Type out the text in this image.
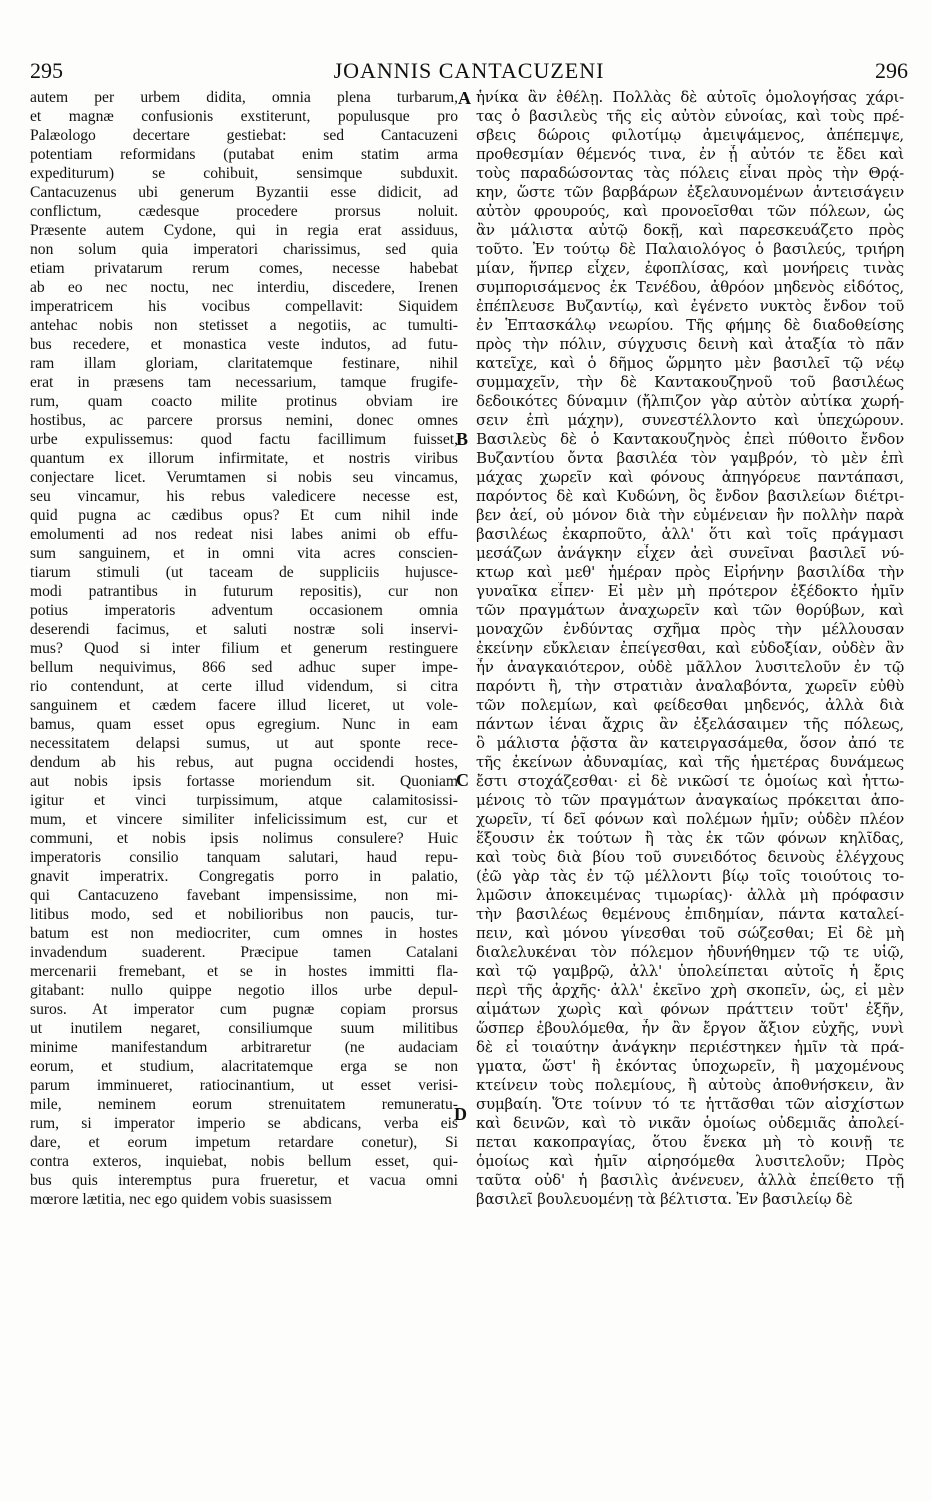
295	JOANNIS CANTACUZENI	296
autem per urbem didita, omnia plena turbarum,
et magnæ confusionis exstiterunt, populusque pro
Palæologo decertare gestiebat: sed Cantacuzeni
potentiam reformidans (putabat enim statim arma
expediturum) se cohibuit, sensimque subduxit.
Cantacuzenus ubi generum Byzantii esse didicit, ad
conflictum, cædesque procedere prorsus noluit.
Præsente autem Cydone, qui in regia erat assiduus,
non solum quia imperatori charissimus, sed quia
etiam privatarum rerum comes, necesse habebat
ab eo nec noctu, nec interdiu, discedere, Irenen
imperatricem his vocibus compellavit: Siquidem
antehac nobis non stetisset a negotiis, ac tumulti-
bus recedere, et monastica veste indutos, ad futu-
ram illam gloriam, claritatemque festinare, nihil
erat in præsens tam necessarium, tamque frugife-
rum, quam coacto milite protinus obviam ire
hostibus, ac parcere prorsus nemini, donec omnes
urbe expulissemus: quod factu facillimum fuisset,
quantum ex illorum infirmitate, et nostris viribus
conjectare licet. Verumtamen si nobis seu vincamus,
seu vincamur, his rebus valedicere necesse est,
quid pugna ac cædibus opus? Et cum nihil inde
emolumenti ad nos redeat nisi labes animi ob effu-
sum sanguinem, et in omni vita acres conscien-
tiarum stimuli (ut taceam de suppliciis hujusce-
modi patrantibus in futurum repositis), cur non
potius imperatoris adventum occasionem omnia
deserendi facimus, et saluti nostræ soli inservi-
mus? Quod si inter filium et generum restinguere
bellum nequivimus, 866 sed adhuc super impe-
rio contendunt, at certe illud videndum, si citra
sanguinem et cædem facere illud liceret, ut vole-
bamus, quam esset opus egregium. Nunc in eam
necessitatem delapsi sumus, ut aut sponte rece-
dendum ab his rebus, aut pugna occidendi hostes,
aut nobis ipsis fortasse moriendum sit. Quoniam
igitur et vinci turpissimum, atque calamitosissi-
mum, et vincere similiter infelicissimum est, cur et
communi, et nobis ipsis nolimus consulere? Huic
imperatoris consilio tanquam salutari, haud repu-
gnavit imperatrix. Congregatis porro in palatio,
qui Cantacuzeno favebant impensissime, non mi-
litibus modo, sed et nobilioribus non paucis, tur-
batum est non mediocriter, cum omnes in hostes
invadendum suaderent. Præcipue tamen Catalani
mercenarii fremebant, et se in hostes immitti fla-
gitabant: nullo quippe negotio illos urbe depul-
suros. At imperator cum pugnæ copiam prorsus
ut inutilem negaret, consiliumque suum militibus
minime manifestandum arbitraretur (ne audaciam
eorum, et studium, alacritatemque erga se non
parum imminueret, ratiocinantium, ut esset verisi-
mile, neminem eorum strenuitatem remuneratu-
rum, si imperator imperio se abdicans, verba eis
dare, et eorum impetum retardare conetur), Si
contra exteros, inquiebat, nobis bellum esset, qui-
bus quis interemptus pura frueretur, et vacua omni
mœrore lætitia, nec ego quidem vobis suasissem
ἡνίκα ἂν ἐθέλῃ. Πολλὰς δὲ αὐτοῖς ὁμολογήσας χάρι-
τας ὁ βασιλεὺς τῆς εἰς αὐτὸν εὐνοίας, καὶ τοὺς πρέ-
σβεις δώροις φιλοτίμῳ ἀμειψάμενος, ἀπέπεμψε,
προθεσμίαν θέμενός τινα, ἐν ᾗ αὐτόν τε ἔδει καὶ
τοὺς παραδώσοντας τὰς πόλεις εἶναι πρὸς τὴν Θρᾴ-
κην, ὥστε τῶν βαρβάρων ἐξελαυνομένων ἀντεισάγειν
αὐτὸν φρουρούς, καὶ προνοεῖσθαι τῶν πόλεων, ὡς
ἂν μάλιστα αὐτῷ δοκῇ, καὶ παρεσκευάζετο πρὸς
τοῦτο. Ἐν τούτῳ δὲ Παλαιολόγος ὁ βασιλεύς, τριήρη
μίαν, ἥνπερ εἶχεν, ἐφοπλίσας, καὶ μονήρεις τινὰς
συμπορισάμενος ἐκ Τενέδου, ἀθρόον μηδενὸς εἰδότος,
ἐπέπλευσε Βυζαντίῳ, καὶ ἐγένετο νυκτὸς ἔνδον τοῦ
ἐν Ἑπτασκάλῳ νεωρίου. Τῆς φήμης δὲ διαδοθείσης
πρὸς τὴν πόλιν, σύγχυσις δεινὴ καὶ ἀταξία τὸ πᾶν
κατεῖχε, καὶ ὁ δῆμος ὥρμητο μὲν βασιλεῖ τῷ νέῳ
συμμαχεῖν, τὴν δὲ Καντακουζηνοῦ τοῦ βασιλέως
δεδοικότες δύναμιν (ἤλπιζον γὰρ αὐτὸν αὐτίκα χωρή-
σειν ἐπὶ μάχην), συνεστέλλοντο καὶ ὑπεχώρουν.
Βασιλεὺς δὲ ὁ Καντακουζηνὸς ἐπεὶ πύθοιτο ἔνδον
Βυζαντίου ὄντα βασιλέα τὸν γαμβρόν, τὸ μὲν ἐπὶ
μάχας χωρεῖν καὶ φόνους ἀπηγόρευε παντάπασι,
παρόντος δὲ καὶ Κυδώνη, ὃς ἔνδον βασιλείων διέτρι-
βεν ἀεί, οὐ μόνον διὰ τὴν εὐμένειαν ἣν πολλὴν παρὰ
βασιλέως ἐκαρποῦτο, ἀλλ' ὅτι καὶ τοῖς πράγμασι
μεσάζων ἀνάγκην εἶχεν ἀεὶ συνεῖναι βασιλεῖ νύ-
κτωρ καὶ μεθ' ἡμέραν πρὸς Εἰρήνην βασιλίδα τὴν
γυναῖκα εἶπεν· Εἰ μὲν μὴ πρότερον ἐξέδοκτο ἡμῖν
τῶν πραγμάτων ἀναχωρεῖν καὶ τῶν θορύβων, καὶ
μοναχῶν ἐνδύντας σχῆμα πρὸς τὴν μέλλουσαν
ἐκείνην εὔκλειαν ἐπείγεσθαι, καὶ εὐδοξίαν, οὐδὲν ἂν
ἦν ἀναγκαιότερον, οὐδὲ μᾶλλον λυσιτελοῦν ἐν τῷ
παρόντι ἢ, τὴν στρατιὰν ἀναλαβόντα, χωρεῖν εὐθὺ
τῶν πολεμίων, καὶ φείδεσθαι μηδενός, ἀλλὰ διὰ
πάντων ἰέναι ἄχρις ἂν ἐξελάσαιμεν τῆς πόλεως,
ὃ μάλιστα ῥᾷστα ἂν κατειργασάμεθα, ὅσον ἀπό τε
τῆς ἐκείνων ἀδυναμίας, καὶ τῆς ἡμετέρας δυνάμεως
ἔστι στοχάζεσθαι· εἰ δὲ νικῶσί τε ὁμοίως καὶ ἡττω-
μένοις τὸ τῶν πραγμάτων ἀναγκαίως πρόκειται ἀπο-
χωρεῖν, τί δεῖ φόνων καὶ πολέμων ἡμῖν; οὐδὲν πλέον
ἕξουσιν ἐκ τούτων ἢ τὰς ἐκ τῶν φόνων κηλῖδας,
καὶ τοὺς διὰ βίου τοῦ συνειδότος δεινοὺς ἐλέγχους
(ἐῶ γὰρ τὰς ἐν τῷ μέλλοντι βίῳ τοῖς τοιούτοις το-
λμῶσιν ἀποκειμένας τιμωρίας)· ἀλλὰ μὴ πρόφασιν
τὴν βασιλέως θεμένους ἐπιδημίαν, πάντα καταλεί-
πειν, καὶ μόνου γίνεσθαι τοῦ σώζεσθαι; Εἰ δὲ μὴ
διαλελυκέναι τὸν πόλεμον ἠδυνήθημεν τῷ τε υἱῷ,
καὶ τῷ γαμβρῷ, ἀλλ' ὑπολείπεται αὐτοῖς ἡ ἔρις
περὶ τῆς ἀρχῆς· ἀλλ' ἐκεῖνο χρὴ σκοπεῖν, ὡς, εἰ μὲν
αἱμάτων χωρὶς καὶ φόνων πράττειν τοῦτ' ἐξῆν,
ὥσπερ ἐβουλόμεθα, ἦν ἂν ἔργον ἄξιον εὐχῆς, νυνὶ
δὲ εἰ τοιαύτην ἀνάγκην περιέστηκεν ἡμῖν τὰ πρά-
γματα, ὥστ' ἢ ἑκόντας ὑποχωρεῖν, ἢ μαχομένους
κτείνειν τοὺς πολεμίους, ἢ αὐτοὺς ἀποθνήσκειν, ἂν
συμβαίη. Ὅτε τοίνυν τό τε ἡττᾶσθαι τῶν αἰσχίστων
καὶ δεινῶν, καὶ τὸ νικᾶν ὁμοίως οὐδεμιᾶς ἀπολεί-
πεται κακοπραγίας, ὅτου ἕνεκα μὴ τὸ κοινῇ τε
ὁμοίως καὶ ἡμῖν αἱρησόμεθα λυσιτελοῦν; Πρὸς
ταῦτα οὐδ' ἡ βασιλὶς ἀνένευεν, ἀλλὰ ἐπείθετο τῇ
βασιλεῖ βουλευομένῃ τὰ βέλτιστα. Ἐν βασιλείῳ δὲ
A
B
C
D
